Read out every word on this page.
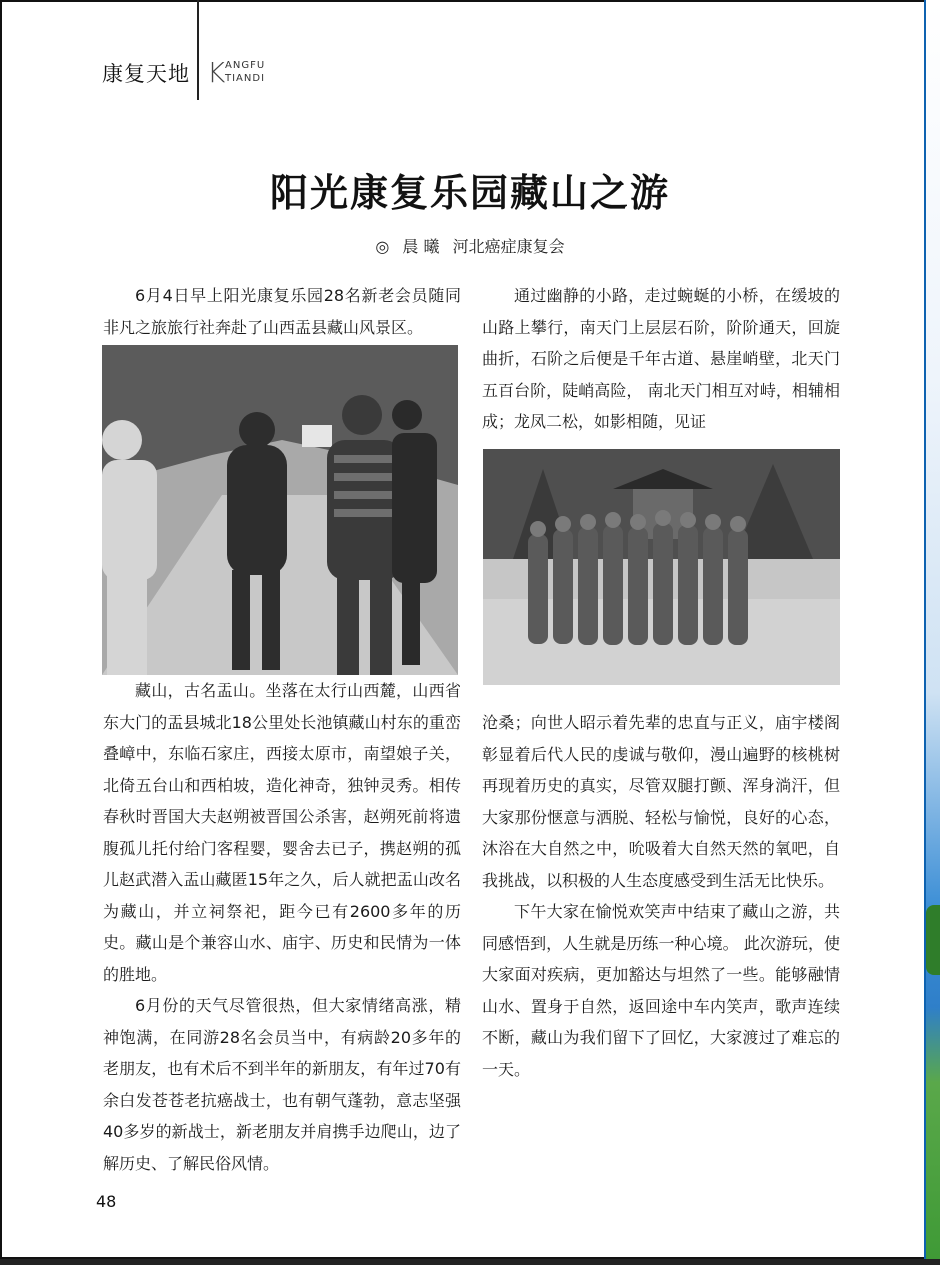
康复天地 K ANGFU
TIANDI
阳光康复乐园藏山之游
◎ 晨 曦 河北癌症康复会

6月4日早上阳光康复乐园28名新老会员随同非凡之旅旅行社奔赴了山西盂县藏山风景区。

藏山，古名盂山。坐落在太行山西麓，山西省东大门的盂县城北18公里处长池镇藏山村东的重峦叠嶂中，东临石家庄，西接太原市，南望娘子关，北倚五台山和西柏坡，造化神奇，独钟灵秀。相传春秋时晋国大夫赵朔被晋国公杀害，赵朔死前将遗腹孤儿托付给门客程婴，婴舍去已子，携赵朔的孤儿赵武潜入盂山藏匿15年之久，后人就把盂山改名为藏山，并立祠祭祀，距今已有2600多年的历史。藏山是个兼容山水、庙宇、历史和民情为一体的胜地。

6月份的天气尽管很热，但大家情绪高涨，精神饱满，在同游28名会员当中，有病龄20多年的老朋友，也有术后不到半年的新朋友，有年过70有余白发苍苍老抗癌战士，也有朝气蓬勃，意志坚强40多岁的新战士，新老朋友并肩携手边爬山，边了解历史、了解民俗风情。

通过幽静的小路，走过蜿蜒的小桥，在缓坡的山路上攀行，南天门上层层石阶，阶阶通天，回旋曲折，石阶之后便是千年古道、悬崖峭壁，北天门五百台阶，陡峭高险， 南北天门相互对峙，相辅相成；龙凤二松，如影相随，见证

沧桑；向世人昭示着先辈的忠直与正义，庙宇楼阁彰显着后代人民的虔诚与敬仰，漫山遍野的核桃树再现着历史的真实，尽管双腿打颤、浑身淌汗，但大家那份惬意与洒脱、轻松与愉悦，良好的心态，沐浴在大自然之中，吮吸着大自然天然的氧吧，自我挑战，以积极的人生态度感受到生活无比快乐。

下午大家在愉悦欢笑声中结束了藏山之游，共同感悟到，人生就是历练一种心境。 此次游玩，使大家面对疾病，更加豁达与坦然了一些。能够融情山水、置身于自然，返回途中车内笑声，歌声连续不断，藏山为我们留下了回忆，大家渡过了难忘的一天。

48
